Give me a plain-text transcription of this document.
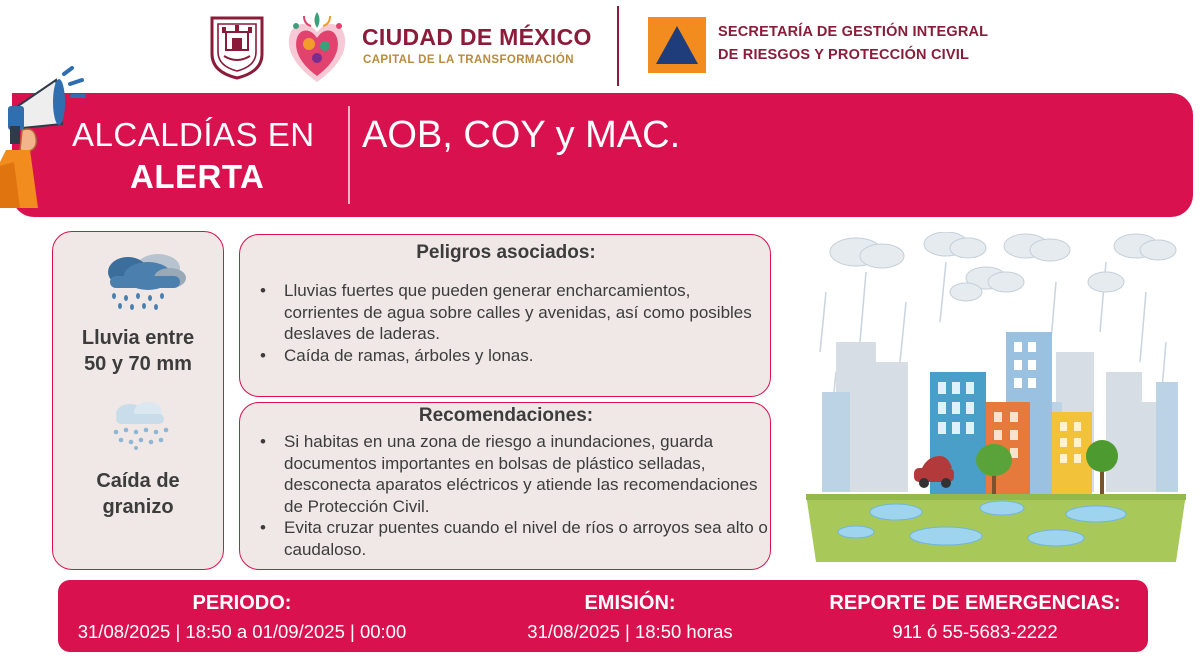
CIUDAD DE MÉXICO
CAPITAL DE LA TRANSFORMACIÓN
SECRETARÍA DE GESTIÓN INTEGRAL
DE RIESGOS Y PROTECCIÓN CIVIL
ALCALDÍAS EN
ALERTA
AOB, COY y MAC.
Lluvia entre
50 y 70 mm
Caída de
granizo
Peligros asociados:
• Lluvias fuertes que pueden generar encharcamientos, corrientes de agua sobre calles y avenidas, así como posibles deslaves de laderas.
• Caída de ramas, árboles y lonas.
Recomendaciones:
• Si habitas en una zona de riesgo a inundaciones, guarda documentos importantes en bolsas de plástico selladas, desconecta aparatos eléctricos y atiende las recomendaciones de Protección Civil.
• Evita cruzar puentes cuando el nivel de ríos o arroyos sea alto o caudaloso.
PERIODO:
31/08/2025 | 18:50 a 01/09/2025 | 00:00
EMISIÓN:
31/08/2025 | 18:50 horas
REPORTE DE EMERGENCIAS:
911 ó 55-5683-2222
